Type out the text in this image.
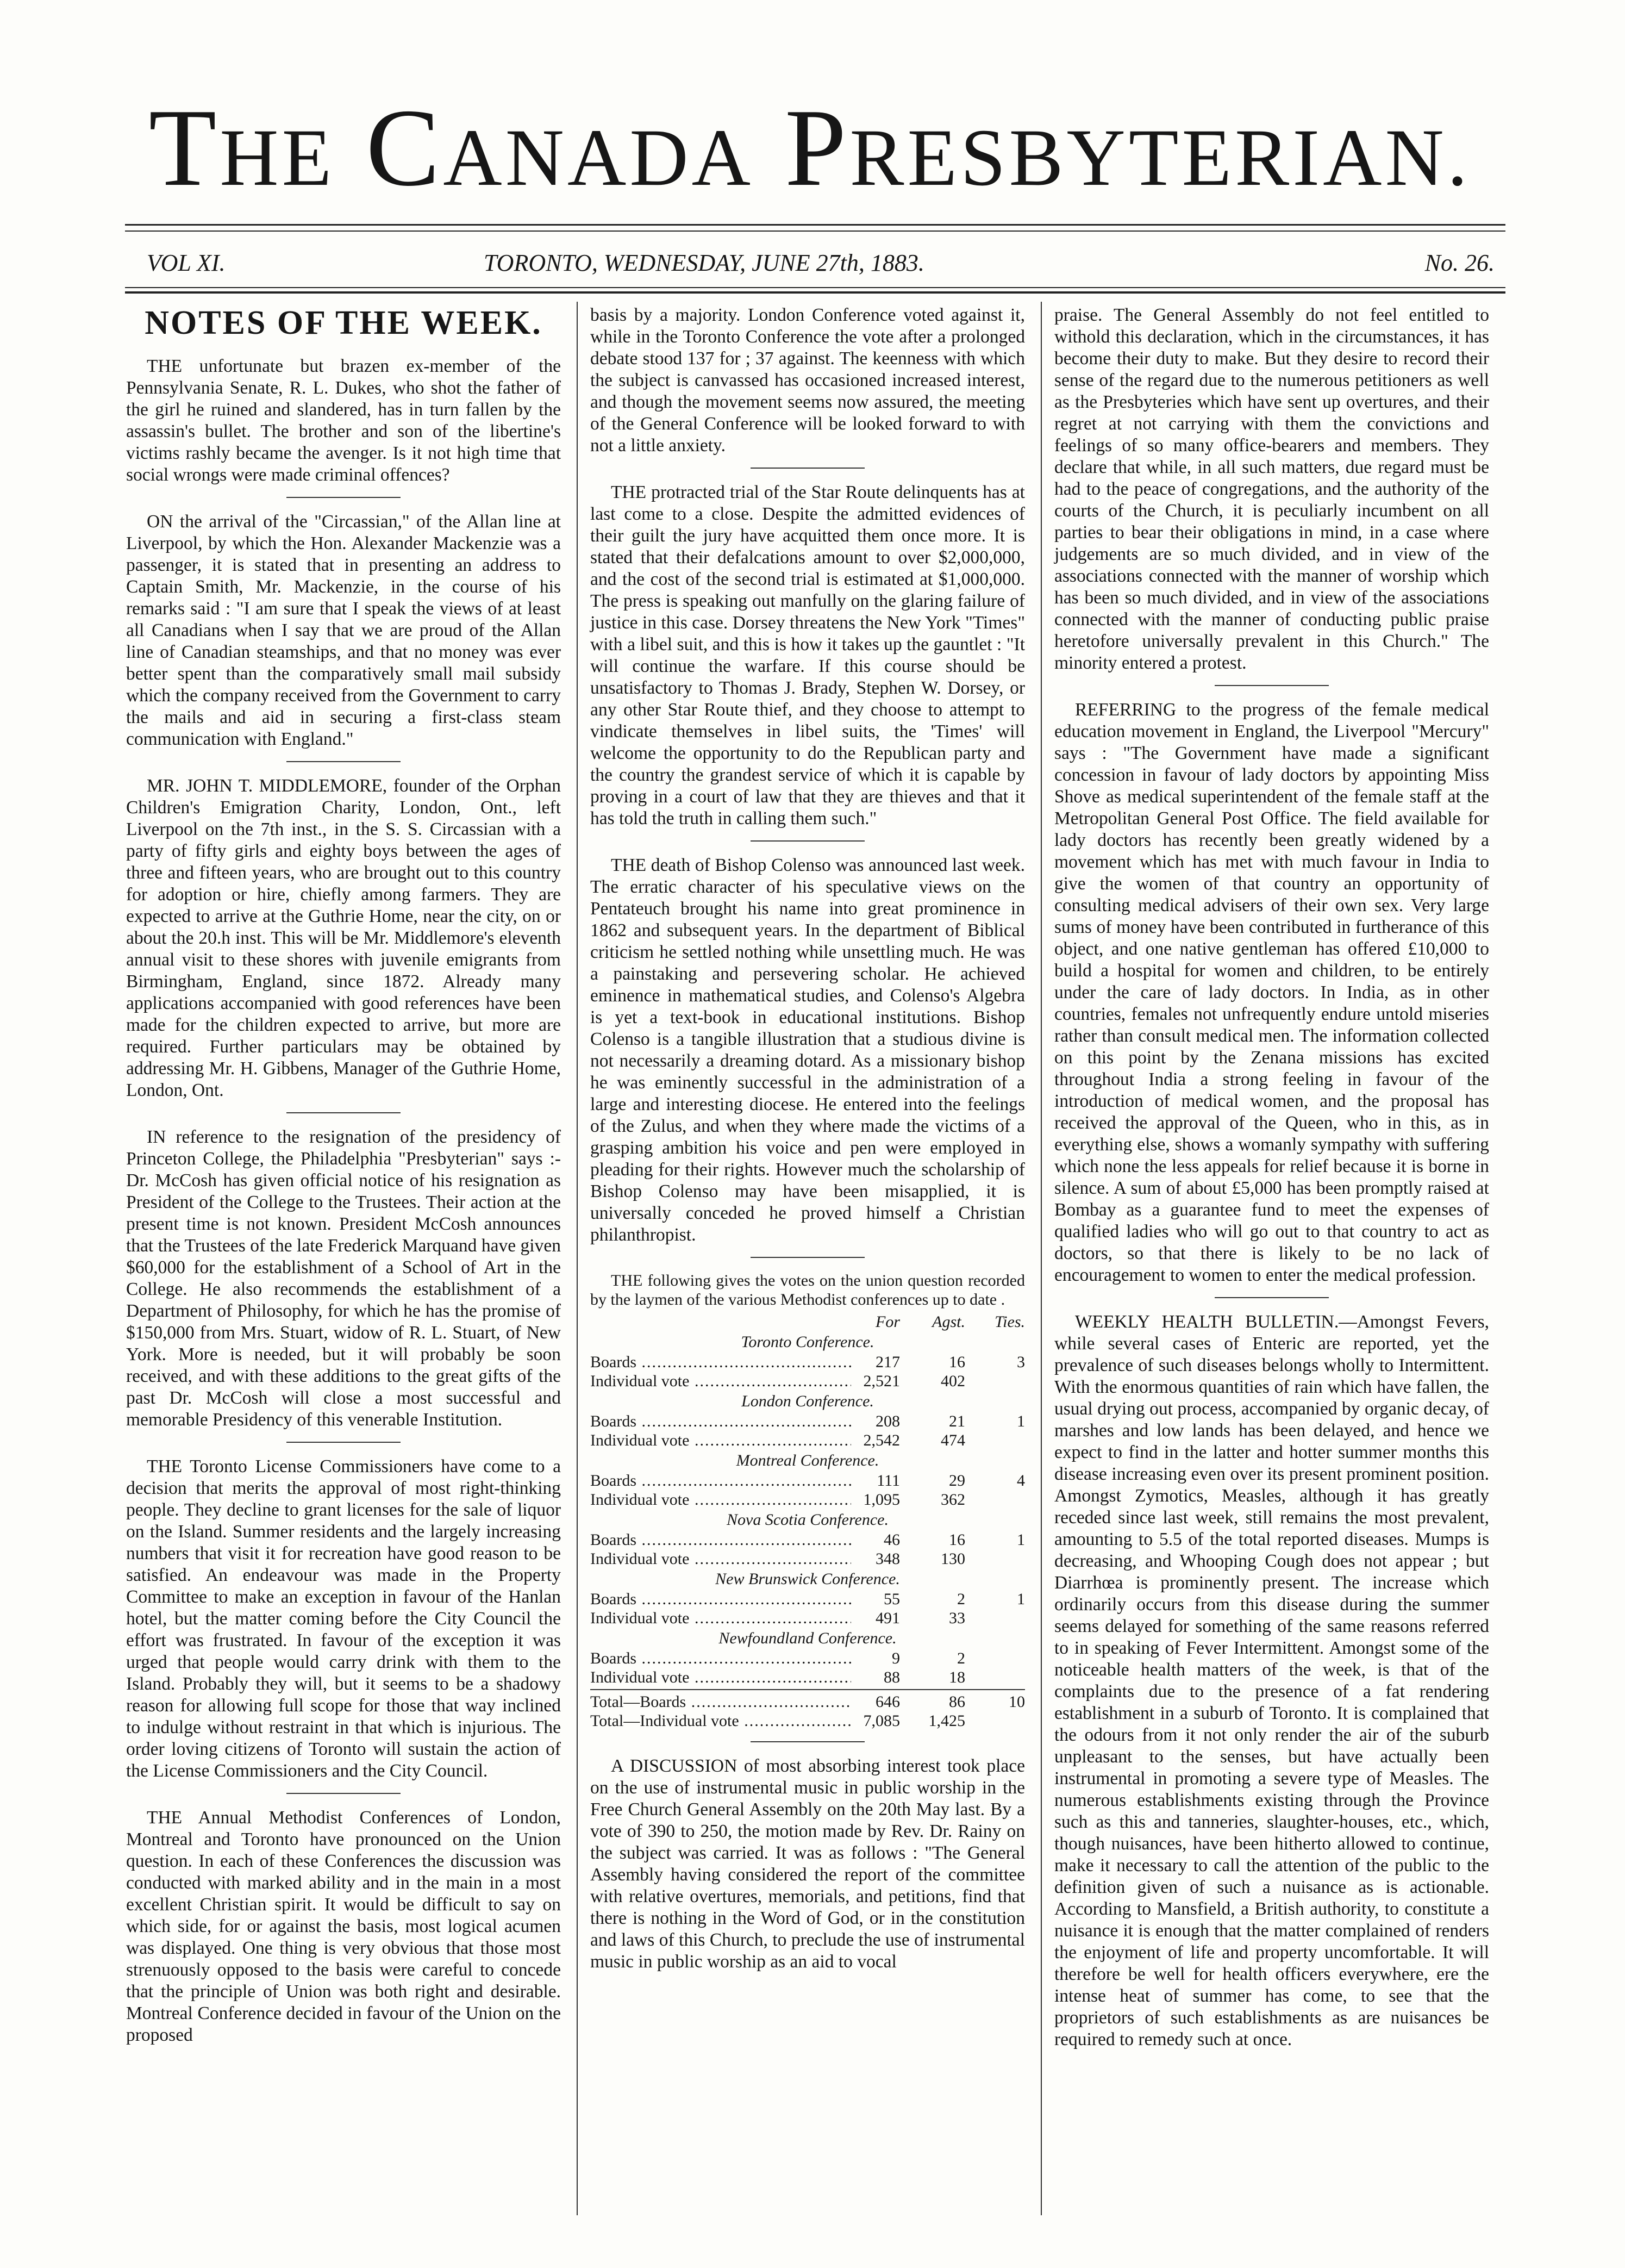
THE CANADA PRESBYTERIAN.
VOL XI.	TORONTO, WEDNESDAY, JUNE 27th, 1883.	No. 26.
NOTES OF THE WEEK.

THE unfortunate but brazen ex-member of the Pennsylvania Senate, R. L. Dukes, who shot the father of the girl he ruined and slandered, has in turn fallen by the assassin's bullet. The brother and son of the libertine's victims rashly became the avenger. Is it not high time that social wrongs were made criminal offences?

ON the arrival of the "Circassian," of the Allan line at Liverpool, by which the Hon. Alexander Mackenzie was a passenger, it is stated that in presenting an address to Captain Smith, Mr. Mackenzie, in the course of his remarks said : "I am sure that I speak the views of at least all Canadians when I say that we are proud of the Allan line of Canadian steamships, and that no money was ever better spent than the comparatively small mail subsidy which the company received from the Government to carry the mails and aid in securing a first-class steam communication with England."

MR. JOHN T. MIDDLEMORE, founder of the Orphan Children's Emigration Charity, London, Ont., left Liverpool on the 7th inst., in the S. S. Circassian with a party of fifty girls and eighty boys between the ages of three and fifteen years, who are brought out to this country for adoption or hire, chiefly among farmers. They are expected to arrive at the Guthrie Home, near the city, on or about the 20.h inst. This will be Mr. Middlemore's eleventh annual visit to these shores with juvenile emigrants from Birmingham, England, since 1872. Already many applications accompanied with good references have been made for the children expected to arrive, but more are required. Further particulars may be obtained by addressing Mr. H. Gibbens, Manager of the Guthrie Home, London, Ont.

IN reference to the resignation of the presidency of Princeton College, the Philadelphia "Presbyterian" says :- Dr. McCosh has given official notice of his resignation as President of the College to the Trustees. Their action at the present time is not known. President McCosh announces that the Trustees of the late Frederick Marquand have given $60,000 for the establishment of a School of Art in the College. He also recommends the establishment of a Department of Philosophy, for which he has the promise of $150,000 from Mrs. Stuart, widow of R. L. Stuart, of New York. More is needed, but it will probably be soon received, and with these additions to the great gifts of the past Dr. McCosh will close a most successful and memorable Presidency of this venerable Institution.

THE Toronto License Commissioners have come to a decision that merits the approval of most right-thinking people. They decline to grant licenses for the sale of liquor on the Island. Summer residents and the largely increasing numbers that visit it for recreation have good reason to be satisfied. An endeavour was made in the Property Committee to make an exception in favour of the Hanlan hotel, but the matter coming before the City Council the effort was frustrated. In favour of the exception it was urged that people would carry drink with them to the Island. Probably they will, but it seems to be a shadowy reason for allowing full scope for those that way inclined to indulge without restraint in that which is injurious. The order loving citizens of Toronto will sustain the action of the License Commissioners and the City Council.

THE Annual Methodist Conferences of London, Montreal and Toronto have pronounced on the Union question. In each of these Conferences the discussion was conducted with marked ability and in the main in a most excellent Christian spirit. It would be difficult to say on which side, for or against the basis, most logical acumen was displayed. One thing is very obvious that those most strenuously opposed to the basis were careful to concede that the principle of Union was both right and desirable. Montreal Conference decided in favour of the Union on the proposed

basis by a majority. London Conference voted against it, while in the Toronto Conference the vote after a prolonged debate stood 137 for ; 37 against. The keenness with which the subject is canvassed has occasioned increased interest, and though the movement seems now assured, the meeting of the General Conference will be looked forward to with not a little anxiety.

THE protracted trial of the Star Route delinquents has at last come to a close. Despite the admitted evidences of their guilt the jury have acquitted them once more. It is stated that their defalcations amount to over $2,000,000, and the cost of the second trial is estimated at $1,000,000. The press is speaking out manfully on the glaring failure of justice in this case. Dorsey threatens the New York "Times" with a libel suit, and this is how it takes up the gauntlet : "It will continue the warfare. If this course should be unsatisfactory to Thomas J. Brady, Stephen W. Dorsey, or any other Star Route thief, and they choose to attempt to vindicate themselves in libel suits, the 'Times' will welcome the opportunity to do the Republican party and the country the grandest service of which it is capable by proving in a court of law that they are thieves and that it has told the truth in calling them such."

THE death of Bishop Colenso was announced last week. The erratic character of his speculative views on the Pentateuch brought his name into great prominence in 1862 and subsequent years. In the department of Biblical criticism he settled nothing while unsettling much. He was a painstaking and persevering scholar. He achieved eminence in mathematical studies, and Colenso's Algebra is yet a text-book in educational institutions. Bishop Colenso is a tangible illustration that a studious divine is not necessarily a dreaming dotard. As a missionary bishop he was eminently successful in the administration of a large and interesting diocese. He entered into the feelings of the Zulus, and when they where made the victims of a grasping ambition his voice and pen were employed in pleading for their rights. However much the scholarship of Bishop Colenso may have been misapplied, it is universally conceded he proved himself a Christian philanthropist.

THE following gives the votes on the union question recorded by the laymen of the various Methodist conferences up to date .
For	Agst.	Ties.
Toronto Conference.
Boards .....	217	16	3
Individual vote .....	2,521	402
London Conference.
Boards .....	208	21	1
Individual vote .....	2,542	474
Montreal Conference.
Boards .....	111	29	4
Individual vote .....	1,095	362
Nova Scotia Conference.
Boards .....	46	16	1
Individual vote .....	348	130
New Brunswick Conference.
Boards .....	55	2	1
Individual vote .....	491	33
Newfoundland Conference.
Boards .....	9	2
Individual vote .....	88	18
Total—Boards .....	646	86	10
Total—Individual vote .....	7,085	1,425

A DISCUSSION of most absorbing interest took place on the use of instrumental music in public worship in the Free Church General Assembly on the 20th May last. By a vote of 390 to 250, the motion made by Rev. Dr. Rainy on the subject was carried. It was as follows : "The General Assembly having considered the report of the committee with relative overtures, memorials, and petitions, find that there is nothing in the Word of God, or in the constitution and laws of this Church, to preclude the use of instrumental music in public worship as an aid to vocal

praise. The General Assembly do not feel entitled to withold this declaration, which in the circumstances, it has become their duty to make. But they desire to record their sense of the regard due to the numerous petitioners as well as the Presbyteries which have sent up overtures, and their regret at not carrying with them the convictions and feelings of so many office-bearers and members. They declare that while, in all such matters, due regard must be had to the peace of congregations, and the authority of the courts of the Church, it is peculiarly incumbent on all parties to bear their obligations in mind, in a case where judgements are so much divided, and in view of the associations connected with the manner of worship which has been so much divided, and in view of the associations connected with the manner of conducting public praise heretofore universally prevalent in this Church." The minority entered a protest.

REFERRING to the progress of the female medical education movement in England, the Liverpool "Mercury" says : "The Government have made a significant concession in favour of lady doctors by appointing Miss Shove as medical superintendent of the female staff at the Metropolitan General Post Office. The field available for lady doctors has recently been greatly widened by a movement which has met with much favour in India to give the women of that country an opportunity of consulting medical advisers of their own sex. Very large sums of money have been contributed in furtherance of this object, and one native gentleman has offered £10,000 to build a hospital for women and children, to be entirely under the care of lady doctors. In India, as in other countries, females not unfrequently endure untold miseries rather than consult medical men. The information collected on this point by the Zenana missions has excited throughout India a strong feeling in favour of the introduction of medical women, and the proposal has received the approval of the Queen, who in this, as in everything else, shows a womanly sympathy with suffering which none the less appeals for relief because it is borne in silence. A sum of about £5,000 has been promptly raised at Bombay as a guarantee fund to meet the expenses of qualified ladies who will go out to that country to act as doctors, so that there is likely to be no lack of encouragement to women to enter the medical profession.

WEEKLY HEALTH BULLETIN.—Amongst Fevers, while several cases of Enteric are reported, yet the prevalence of such diseases belongs wholly to Intermittent. With the enormous quantities of rain which have fallen, the usual drying out process, accompanied by organic decay, of marshes and low lands has been delayed, and hence we expect to find in the latter and hotter summer months this disease increasing even over its present prominent position. Amongst Zymotics, Measles, although it has greatly receded since last week, still remains the most prevalent, amounting to 5.5 of the total reported diseases. Mumps is decreasing, and Whooping Cough does not appear ; but Diarrhœa is prominently present. The increase which ordinarily occurs from this disease during the summer seems delayed for something of the same reasons referred to in speaking of Fever Intermittent. Amongst some of the noticeable health matters of the week, is that of the complaints due to the presence of a fat rendering establishment in a suburb of Toronto. It is complained that the odours from it not only render the air of the suburb unpleasant to the senses, but have actually been instrumental in promoting a severe type of Measles. The numerous establishments existing through the Province such as this and tanneries, slaughter-houses, etc., which, though nuisances, have been hitherto allowed to continue, make it necessary to call the attention of the public to the definition given of such a nuisance as is actionable. According to Mansfield, a British authority, to constitute a nuisance it is enough that the matter complained of renders the enjoyment of life and property uncomfortable. It will therefore be well for health officers everywhere, ere the intense heat of summer has come, to see that the proprietors of such establishments as are nuisances be required to remedy such at once.
